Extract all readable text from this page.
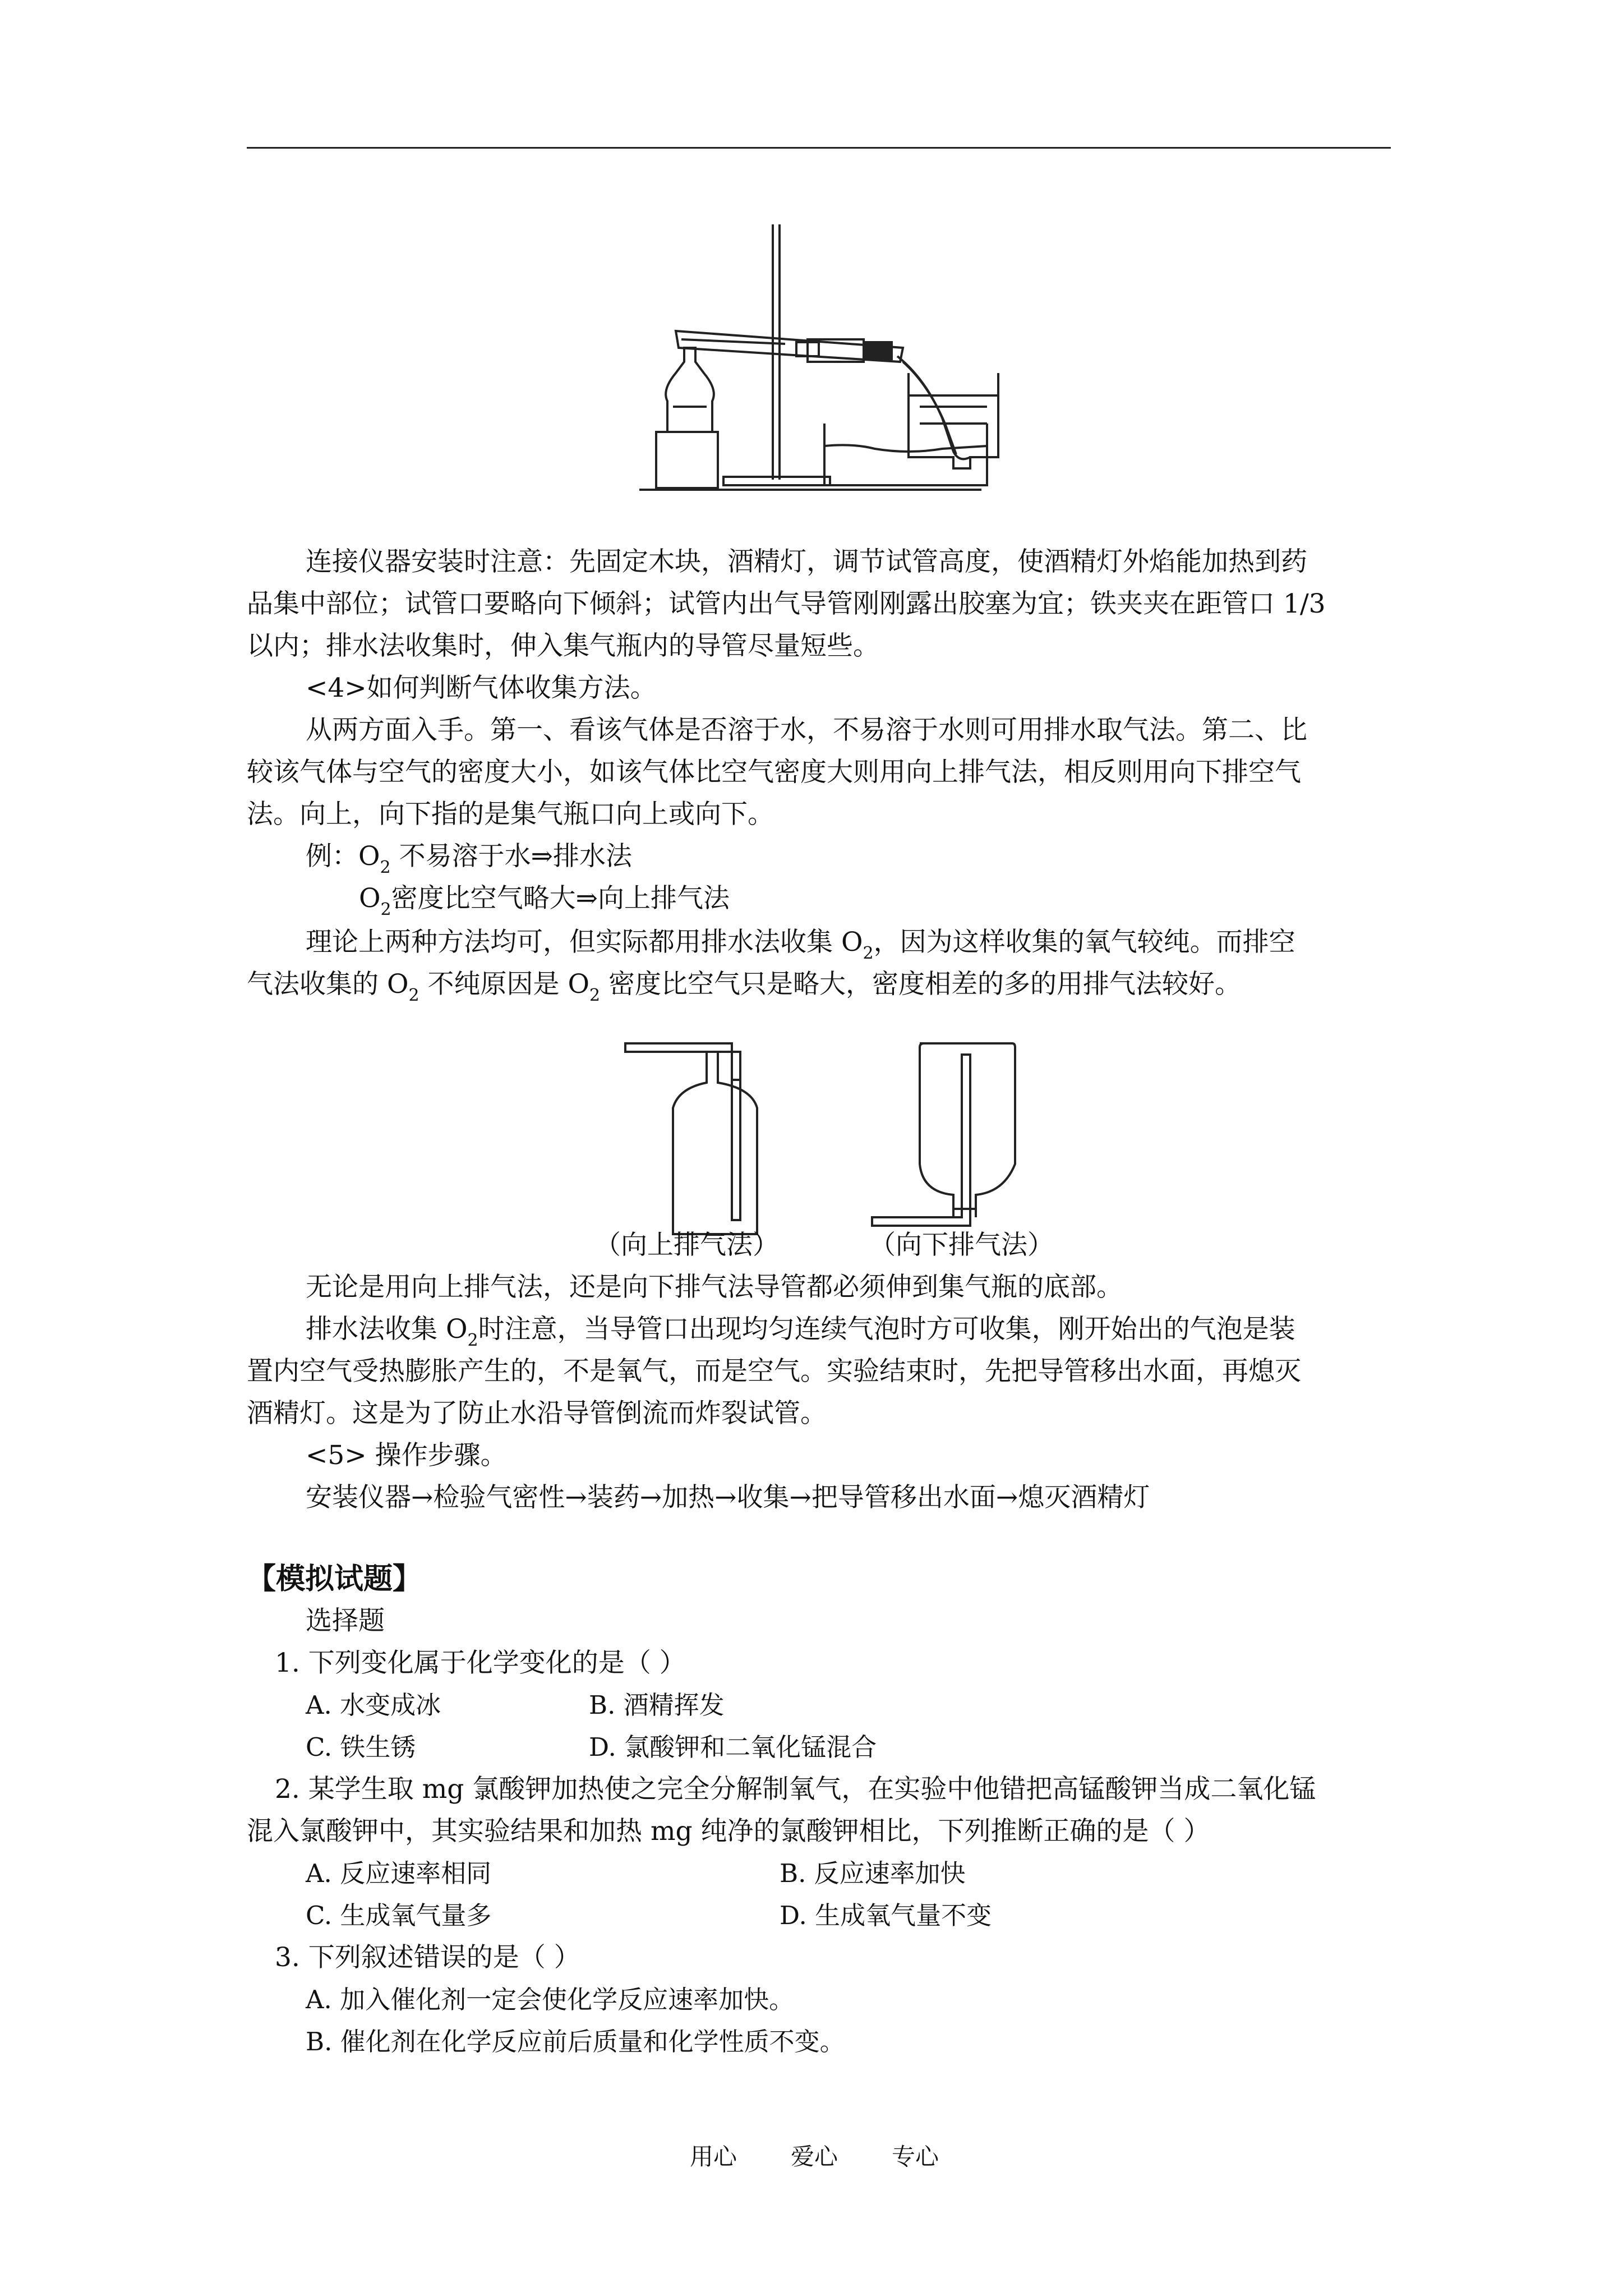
连接仪器安装时注意：先固定木块，酒精灯，调节试管高度，使酒精灯外焰能加热到药
品集中部位；试管口要略向下倾斜；试管内出气导管刚刚露出胶塞为宜；铁夹夹在距管口 1/3
以内；排水法收集时，伸入集气瓶内的导管尽量短些。
<4>如何判断气体收集方法。
从两方面入手。第一、看该气体是否溶于水，不易溶于水则可用排水取气法。第二、比
较该气体与空气的密度大小，如该气体比空气密度大则用向上排气法，相反则用向下排空气
法。向上，向下指的是集气瓶口向上或向下。
例：$O_2$ 不易溶于水⇒排水法
$O_2$密度比空气略大⇒向上排气法
理论上两种方法均可，但实际都用排水法收集 $O_2$，因为这样收集的氧气较纯。而排空
气法收集的 $O_2$ 不纯原因是 $O_2$ 密度比空气只是略大，密度相差的多的用排气法较好。
（向上排气法）	（向下排气法）
无论是用向上排气法，还是向下排气法导管都必须伸到集气瓶的底部。
排水法收集 $O_2$时注意，当导管口出现均匀连续气泡时方可收集，刚开始出的气泡是装
置内空气受热膨胀产生的，不是氧气，而是空气。实验结束时，先把导管移出水面，再熄灭
酒精灯。这是为了防止水沿导管倒流而炸裂试管。
<5> 操作步骤。
安装仪器→检验气密性→装药→加热→收集→把导管移出水面→熄灭酒精灯
【模拟试题】
选择题
1. 下列变化属于化学变化的是（ ）
A. 水变成冰	B. 酒精挥发
C. 铁生锈	D. 氯酸钾和二氧化锰混合
2. 某学生取 mg 氯酸钾加热使之完全分解制氧气，在实验中他错把高锰酸钾当成二氧化锰
混入氯酸钾中，其实验结果和加热 mg 纯净的氯酸钾相比，下列推断正确的是（ ）
A. 反应速率相同	B. 反应速率加快
C. 生成氧气量多	D. 生成氧气量不变
3. 下列叙述错误的是（ ）
A. 加入催化剂一定会使化学反应速率加快。
B. 催化剂在化学反应前后质量和化学性质不变。
用心 爱心 专心
